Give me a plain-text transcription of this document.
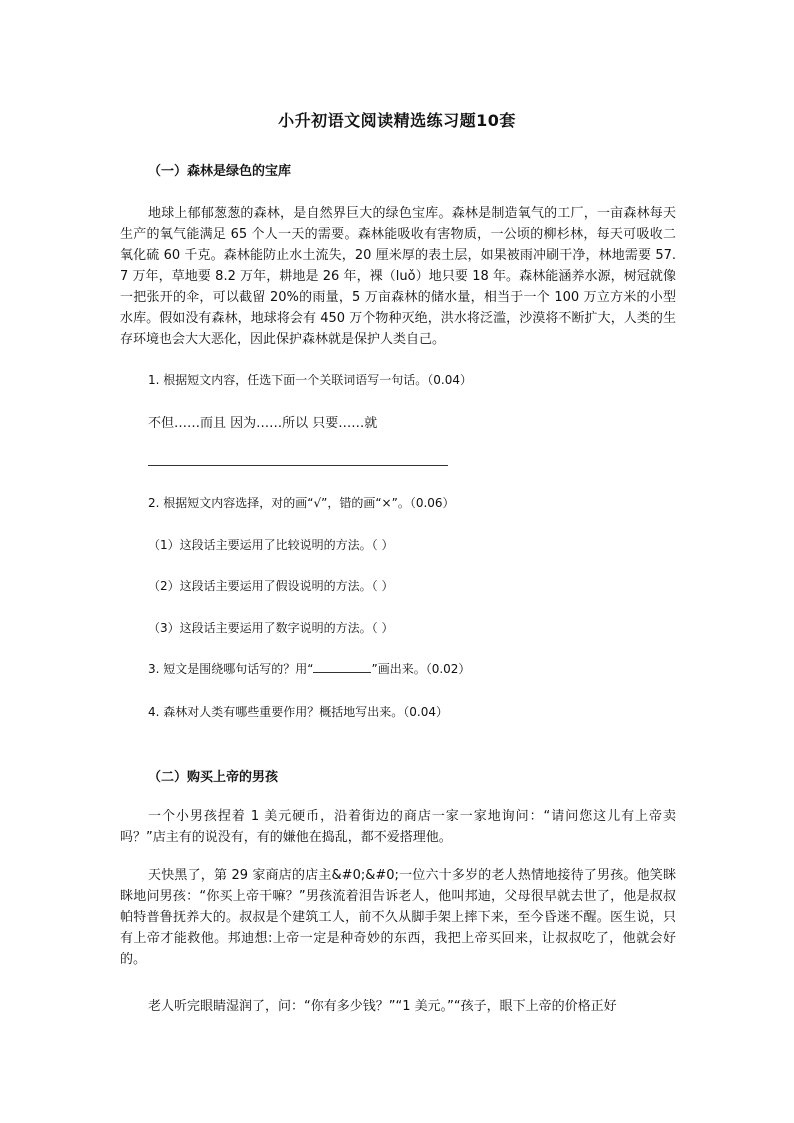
小升初语文阅读精选练习题10套
（一）森林是绿色的宝库
地球上郁郁葱葱的森林，是自然界巨大的绿色宝库。森林是制造氧气的工厂，一亩森林每天生产的氧气能满足 65 个人一天的需要。森林能吸收有害物质，一公顷的柳杉林，每天可吸收二氧化硫 60 千克。森林能防止水土流失，20 厘米厚的表土层，如果被雨冲刷干净，林地需要 57.7 万年，草地要 8.2 万年，耕地是 26 年，裸（luǒ）地只要 18 年。森林能涵养水源，树冠就像一把张开的伞，可以截留 20%的雨量，5 万亩森林的储水量，相当于一个 100 万立方米的小型水库。假如没有森林，地球将会有 450 万个物种灭绝，洪水将泛滥，沙漠将不断扩大，人类的生存环境也会大大恶化，因此保护森林就是保护人类自己。
1. 根据短文内容，任选下面一个关联词语写一句话。（0.04）
不但……而且 因为……所以 只要……就
2. 根据短文内容选择，对的画“√”，错的画“×”。（0.06）
（1）这段话主要运用了比较说明的方法。（ ）
（2）这段话主要运用了假设说明的方法。（ ）
（3）这段话主要运用了数字说明的方法。（ ）
3. 短文是围绕哪句话写的？用“	”画出来。（0.02）
4. 森林对人类有哪些重要作用？概括地写出来。（0.04）
（二）购买上帝的男孩
一个小男孩捏着 1 美元硬币，沿着街边的商店一家一家地询问：“请问您这儿有上帝卖吗？”店主有的说没有，有的嫌他在捣乱，都不爱搭理他。
天快黑了，第 29 家商店的店主&#0;&#0;一位六十多岁的老人热情地接待了男孩。他笑眯眯地问男孩：“你买上帝干嘛？”男孩流着泪告诉老人，他叫邦迪，父母很早就去世了，他是叔叔帕特普鲁抚养大的。叔叔是个建筑工人，前不久从脚手架上摔下来，至今昏迷不醒。医生说，只有上帝才能救他。邦迪想:上帝一定是种奇妙的东西，我把上帝买回来，让叔叔吃了，他就会好的。
老人听完眼睛湿润了，问：“你有多少钱？”“1 美元。”“孩子，眼下上帝的价格正好
